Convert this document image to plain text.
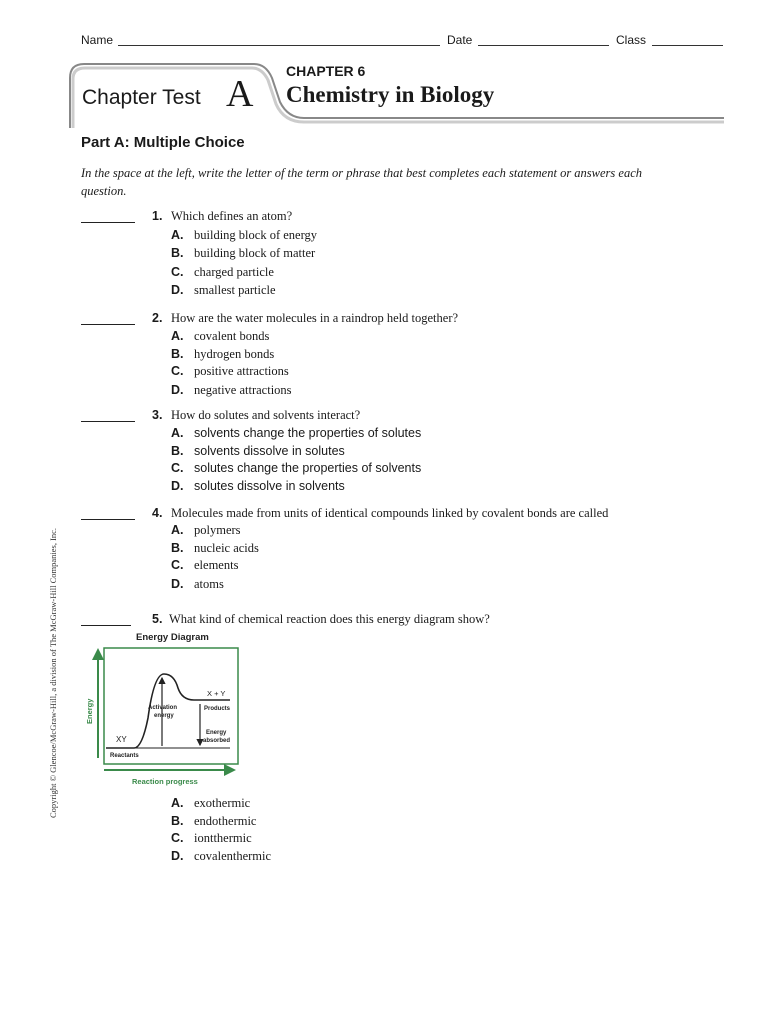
Name	Date	Class
Chapter Test A
CHAPTER 6
Chemistry in Biology
Part A: Multiple Choice
In the space at the left, write the letter of the term or phrase that best completes each statement or answers each question.
1. Which defines an atom?
A. building block of energy
B. building block of matter
C. charged particle
D. smallest particle
2. How are the water molecules in a raindrop held together?
A. covalent bonds
B. hydrogen bonds
C. positive attractions
D. negative attractions
3. How do solutes and solvents interact?
A. solvents change the properties of solutes
B. solvents dissolve in solutes
C. solutes change the properties of solvents
D. solutes dissolve in solvents
4. Molecules made from units of identical compounds linked by covalent bonds are called
A. polymers
B. nucleic acids
C. elements
D. atoms
5. What kind of chemical reaction does this energy diagram show?
Energy Diagram
Energy
Reaction progress
XY
Reactants
X + Y
Products
Activation
energy
Energy
absorbed
A. exothermic
B. endothermic
C. iontthermic
D. covalenthermic
Copyright © Glencoe/McGraw-Hill, a division of The McGraw-Hill Companies, Inc.
